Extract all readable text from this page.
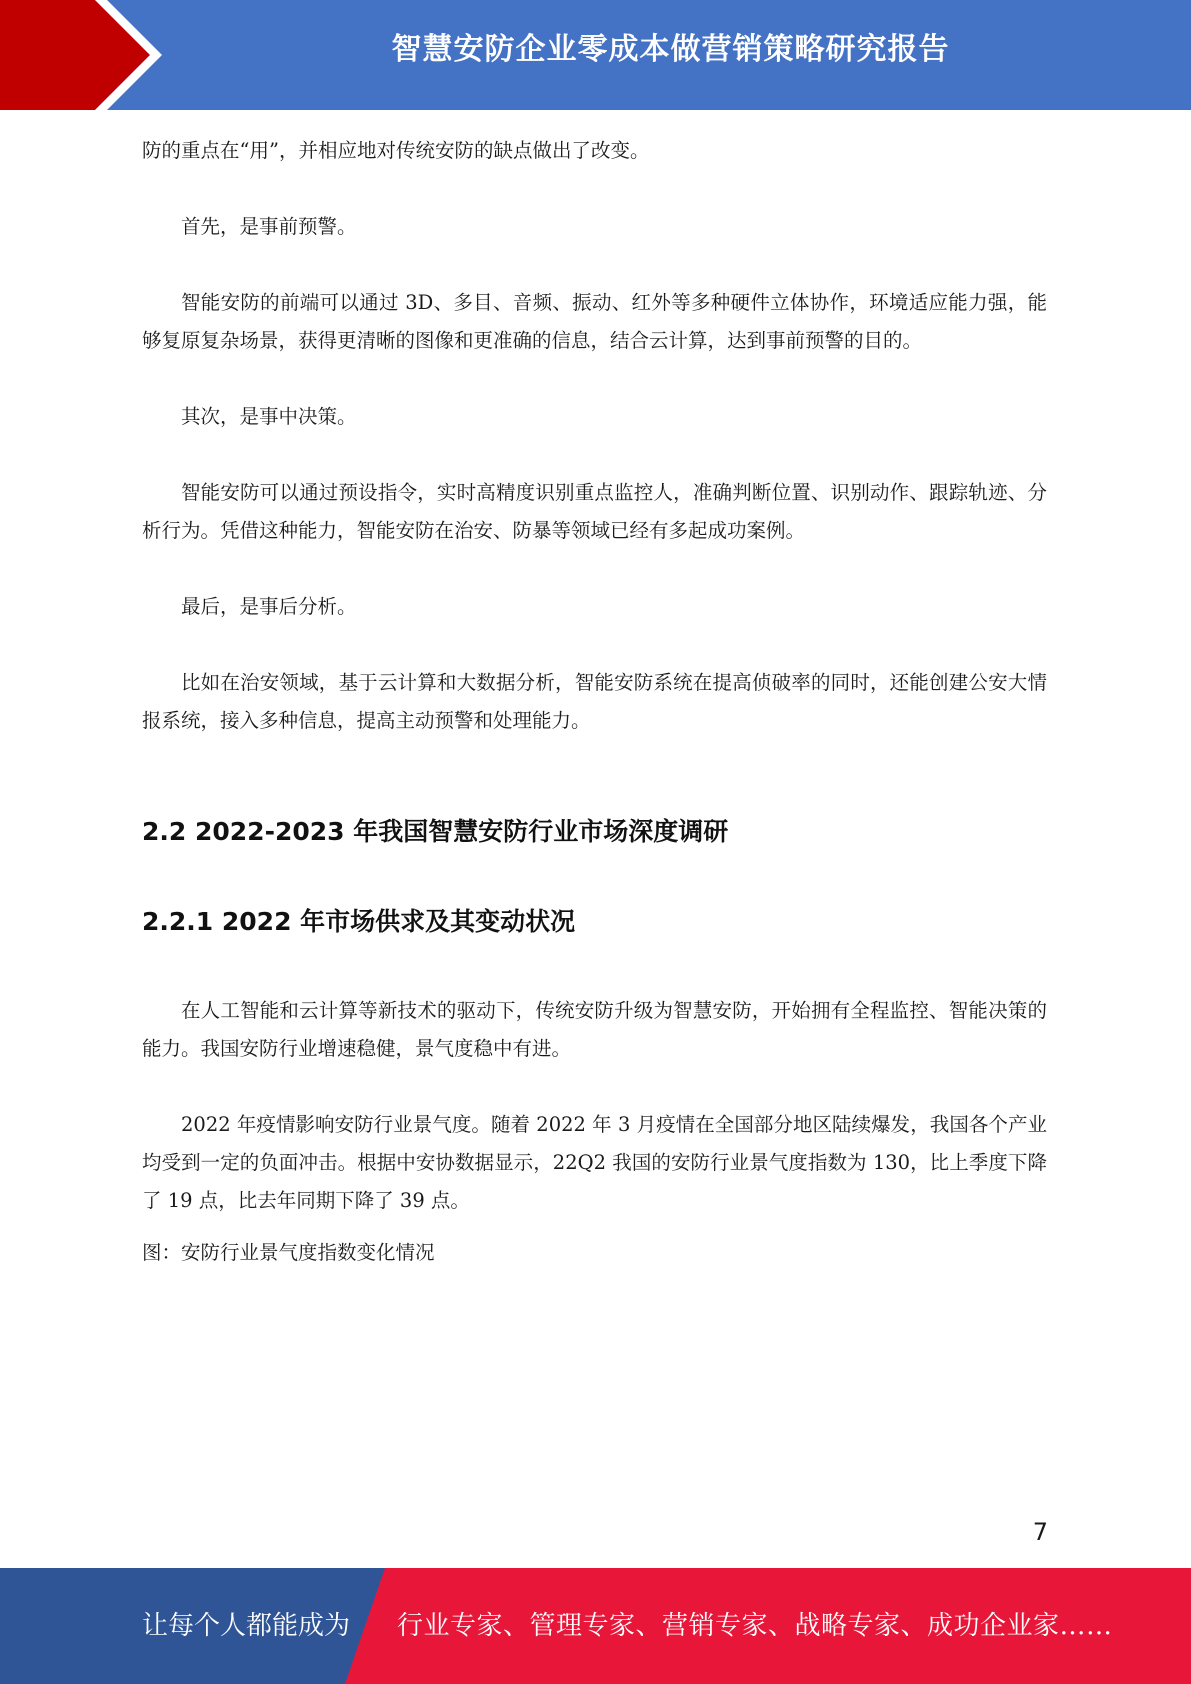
智慧安防企业零成本做营销策略研究报告

防的重点在“用”，并相应地对传统安防的缺点做出了改变。

首先，是事前预警。

智能安防的前端可以通过 3D、多目、音频、振动、红外等多种硬件立体协作，环境适应能力强，能够复原复杂场景，获得更清晰的图像和更准确的信息，结合云计算，达到事前预警的目的。

其次，是事中决策。

智能安防可以通过预设指令，实时高精度识别重点监控人，准确判断位置、识别动作、跟踪轨迹、分析行为。凭借这种能力，智能安防在治安、防暴等领域已经有多起成功案例。

最后，是事后分析。

比如在治安领域，基于云计算和大数据分析，智能安防系统在提高侦破率的同时，还能创建公安大情报系统，接入多种信息，提高主动预警和处理能力。

2.2 2022-2023 年我国智慧安防行业市场深度调研
2.2.1 2022 年市场供求及其变动状况

在人工智能和云计算等新技术的驱动下，传统安防升级为智慧安防，开始拥有全程监控、智能决策的能力。我国安防行业增速稳健，景气度稳中有进。

2022 年疫情影响安防行业景气度。随着 2022 年 3 月疫情在全国部分地区陆续爆发，我国各个产业均受到一定的负面冲击。根据中安协数据显示，22Q2 我国的安防行业景气度指数为 130，比上季度下降了 19 点，比去年同期下降了 39 点。

图：安防行业景气度指数变化情况

7
让每个人都能成为 行业专家、管理专家、营销专家、战略专家、成功企业家……
